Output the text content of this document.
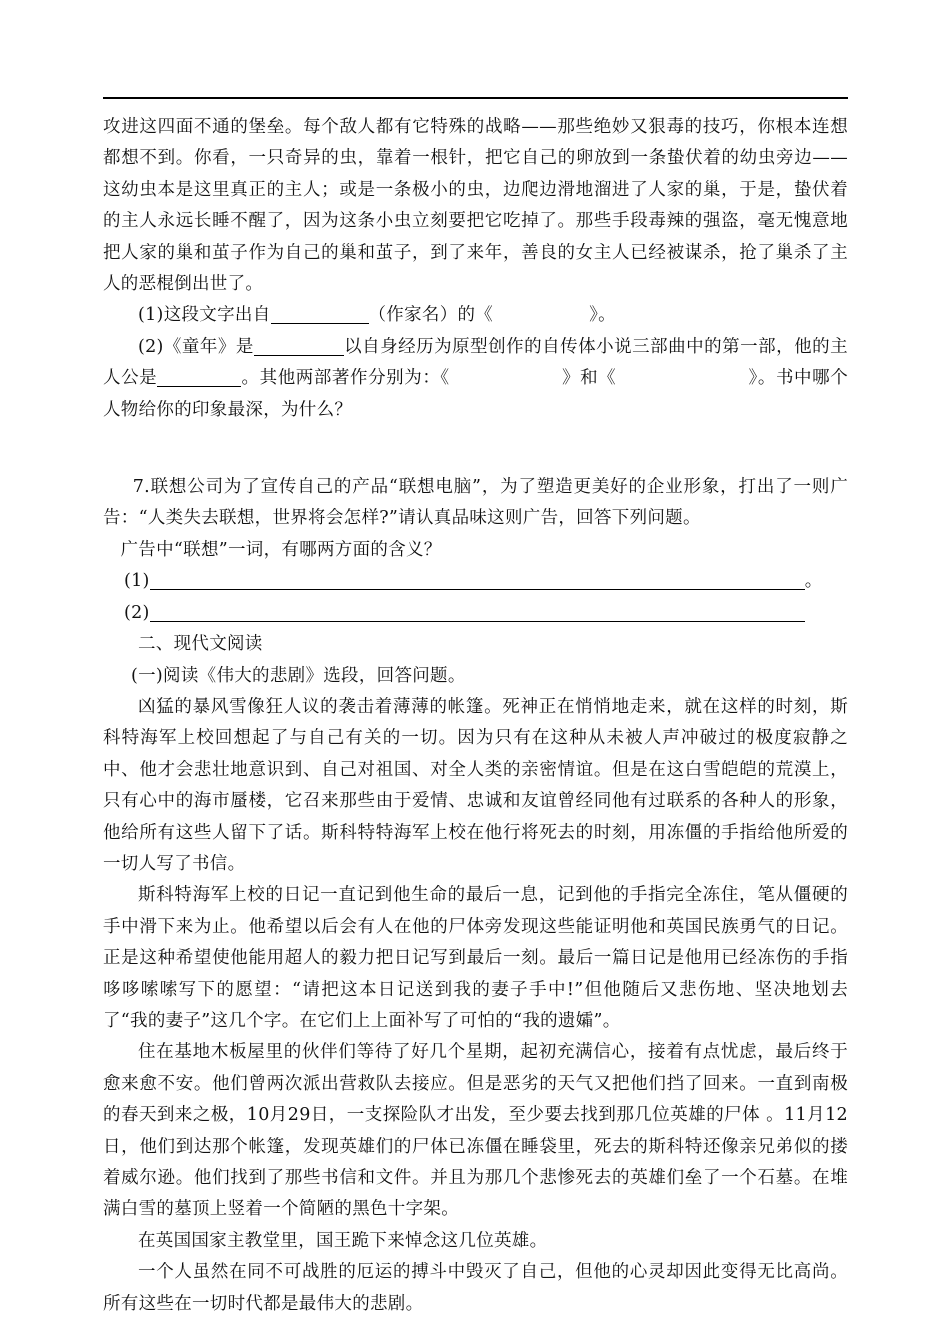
攻进这四面不通的堡垒。每个敌人都有它特殊的战略——那些绝妙又狠毒的技巧，你根本连想都想不到。你看，一只奇异的虫，靠着一根针，把它自己的卵放到一条蛰伏着的幼虫旁边——这幼虫本是这里真正的主人；或是一条极小的虫，边爬边滑地溜进了人家的巢，于是，蛰伏着的主人永远长睡不醒了，因为这条小虫立刻要把它吃掉了。那些手段毒辣的强盗，毫无愧意地把人家的巢和茧子作为自己的巢和茧子，到了来年，善良的女主人已经被谋杀，抢了巢杀了主人的恶棍倒出世了。

(1)这段文字出自	（作家名）的《	》。

(2)《童年》是	以自身经历为原型创作的自传体小说三部曲中的第一部，他的主人公是	。其他两部著作分别为：《	》和《	》。书中哪个人物给你的印象最深，为什么？

7.联想公司为了宣传自己的产品“联想电脑”，为了塑造更美好的企业形象，打出了一则广告：“人类失去联想，世界将会怎样?”请认真品味这则广告，回答下列问题。

广告中“联想”一词，有哪两方面的含义？

(1)	。

(2)

二、现代文阅读

(一)阅读《伟大的悲剧》选段，回答问题。

凶猛的暴风雪像狂人议的袭击着薄薄的帐篷。死神正在悄悄地走来，就在这样的时刻，斯科特海军上校回想起了与自己有关的一切。因为只有在这种从未被人声冲破过的极度寂静之中、他才会悲壮地意识到、自己对祖国、对全人类的亲密情谊。但是在这白雪皑皑的荒漠上，只有心中的海市蜃楼，它召来那些由于爱情、忠诚和友谊曾经同他有过联系的各种人的形象，他给所有这些人留下了话。斯科特特海军上校在他行将死去的时刻，用冻僵的手指给他所爱的一切人写了书信。

斯科特海军上校的日记一直记到他生命的最后一息，记到他的手指完全冻住，笔从僵硬的手中滑下来为止。他希望以后会有人在他的尸体旁发现这些能证明他和英国民族勇气的日记。正是这种希望使他能用超人的毅力把日记写到最后一刻。最后一篇日记是他用已经冻伤的手指哆哆嗦嗦写下的愿望：“请把这本日记送到我的妻子手中!”但他随后又悲伤地、坚决地划去了“我的妻子”这几个字。在它们上上面补写了可怕的“我的遗孀”。

住在基地木板屋里的伙伴们等待了好几个星期，起初充满信心，接着有点忧虑，最后终于愈来愈不安。他们曾两次派出营救队去接应。但是恶劣的天气又把他们挡了回来。一直到南极的春天到来之极，10月29日，一支探险队才出发，至少要去找到那几位英雄的尸体 。11月12日，他们到达那个帐篷，发现英雄们的尸体已冻僵在睡袋里，死去的斯科特还像亲兄弟似的搂着威尔逊。他们找到了那些书信和文件。并且为那几个悲惨死去的英雄们垒了一个石墓。在堆满白雪的墓顶上竖着一个简陋的黑色十字架。

在英国国家主教堂里，国王跪下来悼念这几位英雄。

一个人虽然在同不可战胜的厄运的搏斗中毁灭了自己，但他的心灵却因此变得无比高尚。所有这些在一切时代都是最伟大的悲剧。
